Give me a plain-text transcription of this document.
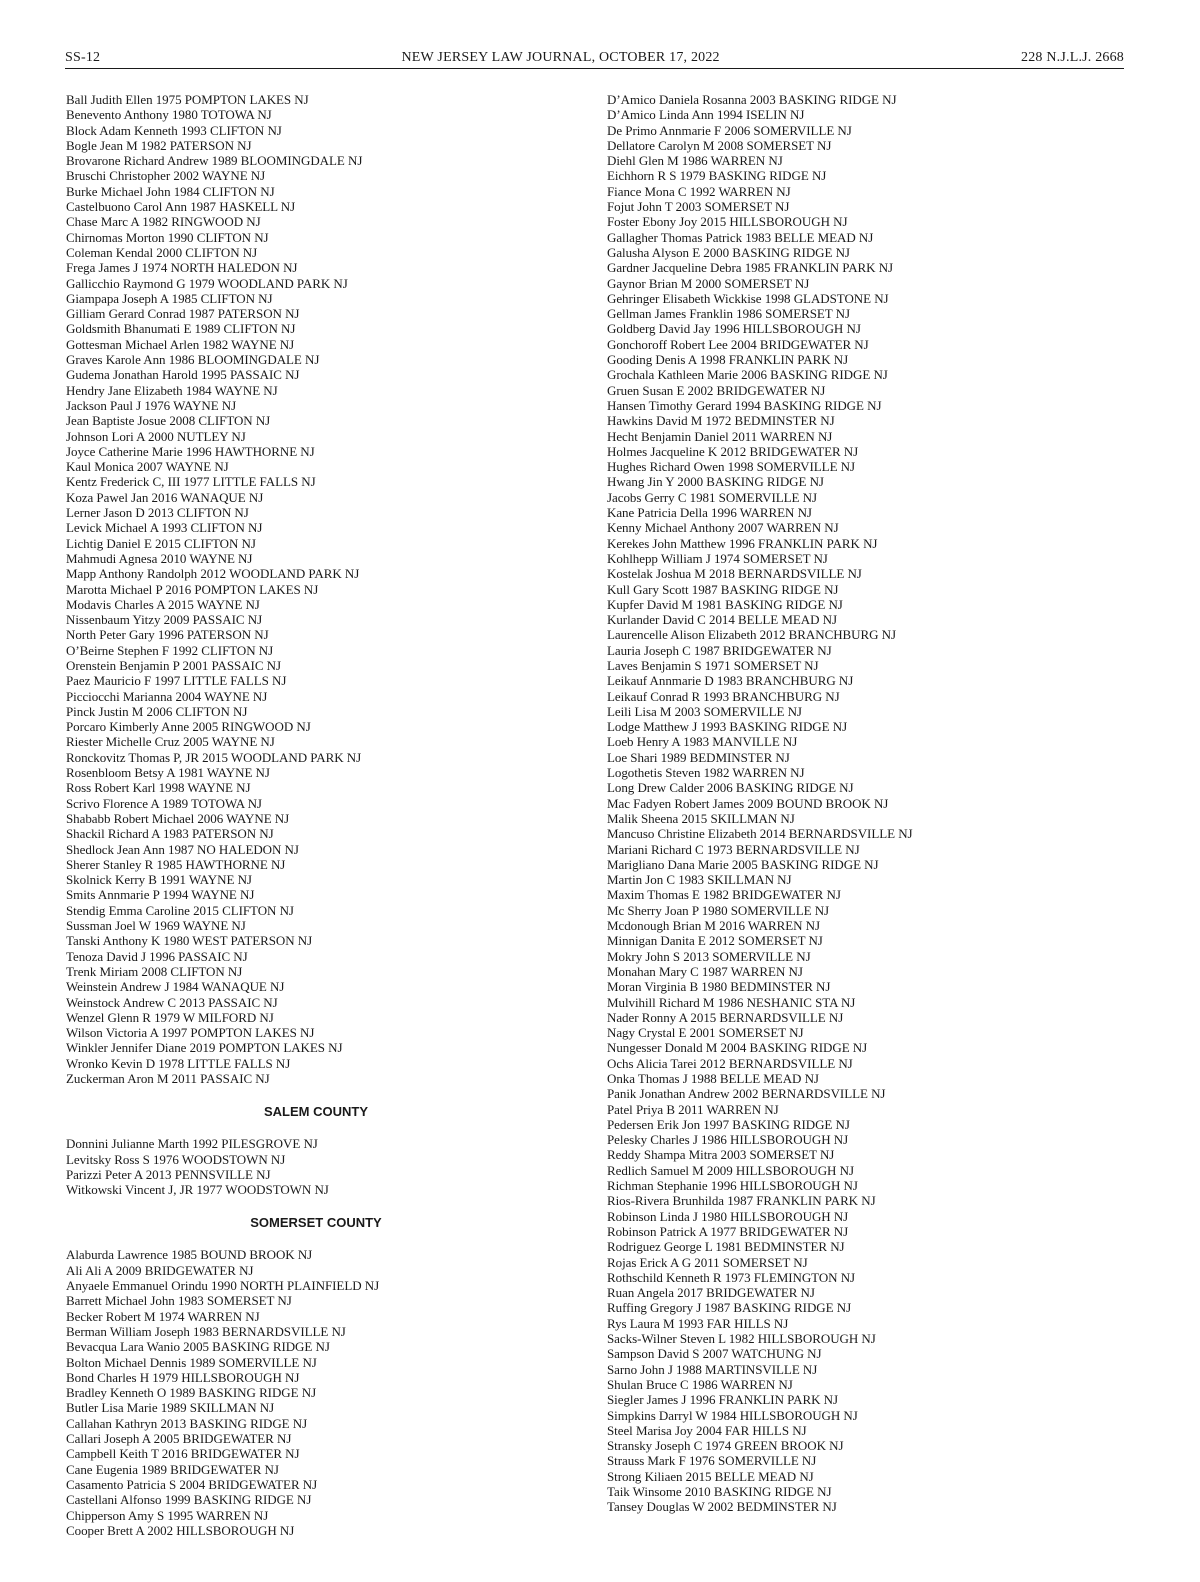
SS-12	NEW JERSEY LAW JOURNAL, OCTOBER 17, 2022	228 N.J.L.J. 2668
Ball Judith Ellen 1975 POMPTON LAKES NJ
Benevento Anthony 1980 TOTOWA NJ
Block Adam Kenneth 1993 CLIFTON NJ
Bogle Jean M 1982 PATERSON NJ
Brovarone Richard Andrew 1989 BLOOMINGDALE NJ
Bruschi Christopher 2002 WAYNE NJ
Burke Michael John 1984 CLIFTON NJ
Castelbuono Carol Ann 1987 HASKELL NJ
Chase Marc A 1982 RINGWOOD NJ
Chirnomas Morton 1990 CLIFTON NJ
Coleman Kendal 2000 CLIFTON NJ
Frega James J 1974 NORTH HALEDON NJ
Gallicchio Raymond G 1979 WOODLAND PARK NJ
Giampapa Joseph A 1985 CLIFTON NJ
Gilliam Gerard Conrad 1987 PATERSON NJ
Goldsmith Bhanumati E 1989 CLIFTON NJ
Gottesman Michael Arlen 1982 WAYNE NJ
Graves Karole Ann 1986 BLOOMINGDALE NJ
Gudema Jonathan Harold 1995 PASSAIC NJ
Hendry Jane Elizabeth 1984 WAYNE NJ
Jackson Paul J 1976 WAYNE NJ
Jean Baptiste Josue 2008 CLIFTON NJ
Johnson Lori A 2000 NUTLEY NJ
Joyce Catherine Marie 1996 HAWTHORNE NJ
Kaul Monica 2007 WAYNE NJ
Kentz Frederick C, III 1977 LITTLE FALLS NJ
Koza Pawel Jan 2016 WANAQUE NJ
Lerner Jason D 2013 CLIFTON NJ
Levick Michael A 1993 CLIFTON NJ
Lichtig Daniel E 2015 CLIFTON NJ
Mahmudi Agnesa 2010 WAYNE NJ
Mapp Anthony Randolph 2012 WOODLAND PARK NJ
Marotta Michael P 2016 POMPTON LAKES NJ
Modavis Charles A 2015 WAYNE NJ
Nissenbaum Yitzy 2009 PASSAIC NJ
North Peter Gary 1996 PATERSON NJ
O’Beirne Stephen F 1992 CLIFTON NJ
Orenstein Benjamin P 2001 PASSAIC NJ
Paez Mauricio F 1997 LITTLE FALLS NJ
Picciocchi Marianna 2004 WAYNE NJ
Pinck Justin M 2006 CLIFTON NJ
Porcaro Kimberly Anne 2005 RINGWOOD NJ
Riester Michelle Cruz 2005 WAYNE NJ
Ronckovitz Thomas P, JR 2015 WOODLAND PARK NJ
Rosenbloom Betsy A 1981 WAYNE NJ
Ross Robert Karl 1998 WAYNE NJ
Scrivo Florence A 1989 TOTOWA NJ
Shababb Robert Michael 2006 WAYNE NJ
Shackil Richard A 1983 PATERSON NJ
Shedlock Jean Ann 1987 NO HALEDON NJ
Sherer Stanley R 1985 HAWTHORNE NJ
Skolnick Kerry B 1991 WAYNE NJ
Smits Annmarie P 1994 WAYNE NJ
Stendig Emma Caroline 2015 CLIFTON NJ
Sussman Joel W 1969 WAYNE NJ
Tanski Anthony K 1980 WEST PATERSON NJ
Tenoza David J 1996 PASSAIC NJ
Trenk Miriam 2008 CLIFTON NJ
Weinstein Andrew J 1984 WANAQUE NJ
Weinstock Andrew C 2013 PASSAIC NJ
Wenzel Glenn R 1979 W MILFORD NJ
Wilson Victoria A 1997 POMPTON LAKES NJ
Winkler Jennifer Diane 2019 POMPTON LAKES NJ
Wronko Kevin D 1978 LITTLE FALLS NJ
Zuckerman Aron M 2011 PASSAIC NJ
SALEM COUNTY
Donnini Julianne Marth 1992 PILESGROVE NJ
Levitsky Ross S 1976 WOODSTOWN NJ
Parizzi Peter A 2013 PENNSVILLE NJ
Witkowski Vincent J, JR 1977 WOODSTOWN NJ
SOMERSET COUNTY
Alaburda Lawrence 1985 BOUND BROOK NJ
Ali Ali A 2009 BRIDGEWATER NJ
Anyaele Emmanuel Orindu 1990 NORTH PLAINFIELD NJ
Barrett Michael John 1983 SOMERSET NJ
Becker Robert M 1974 WARREN NJ
Berman William Joseph 1983 BERNARDSVILLE NJ
Bevacqua Lara Wanio 2005 BASKING RIDGE NJ
Bolton Michael Dennis 1989 SOMERVILLE NJ
Bond Charles H 1979 HILLSBOROUGH NJ
Bradley Kenneth O 1989 BASKING RIDGE NJ
Butler Lisa Marie 1989 SKILLMAN NJ
Callahan Kathryn 2013 BASKING RIDGE NJ
Callari Joseph A 2005 BRIDGEWATER NJ
Campbell Keith T 2016 BRIDGEWATER NJ
Cane Eugenia 1989 BRIDGEWATER NJ
Casamento Patricia S 2004 BRIDGEWATER NJ
Castellani Alfonso 1999 BASKING RIDGE NJ
Chipperson Amy S 1995 WARREN NJ
Cooper Brett A 2002 HILLSBOROUGH NJ
D’Amico Daniela Rosanna 2003 BASKING RIDGE NJ
D’Amico Linda Ann 1994 ISELIN NJ
De Primo Annmarie F 2006 SOMERVILLE NJ
Dellatore Carolyn M 2008 SOMERSET NJ
Diehl Glen M 1986 WARREN NJ
Eichhorn R S 1979 BASKING RIDGE NJ
Fiance Mona C 1992 WARREN NJ
Fojut John T 2003 SOMERSET NJ
Foster Ebony Joy 2015 HILLSBOROUGH NJ
Gallagher Thomas Patrick 1983 BELLE MEAD NJ
Galusha Alyson E 2000 BASKING RIDGE NJ
Gardner Jacqueline Debra 1985 FRANKLIN PARK NJ
Gaynor Brian M 2000 SOMERSET NJ
Gehringer Elisabeth Wickkise 1998 GLADSTONE NJ
Gellman James Franklin 1986 SOMERSET NJ
Goldberg David Jay 1996 HILLSBOROUGH NJ
Gonchoroff Robert Lee 2004 BRIDGEWATER NJ
Gooding Denis A 1998 FRANKLIN PARK NJ
Grochala Kathleen Marie 2006 BASKING RIDGE NJ
Gruen Susan E 2002 BRIDGEWATER NJ
Hansen Timothy Gerard 1994 BASKING RIDGE NJ
Hawkins David M 1972 BEDMINSTER NJ
Hecht Benjamin Daniel 2011 WARREN NJ
Holmes Jacqueline K 2012 BRIDGEWATER NJ
Hughes Richard Owen 1998 SOMERVILLE NJ
Hwang Jin Y 2000 BASKING RIDGE NJ
Jacobs Gerry C 1981 SOMERVILLE NJ
Kane Patricia Della 1996 WARREN NJ
Kenny Michael Anthony 2007 WARREN NJ
Kerekes John Matthew 1996 FRANKLIN PARK NJ
Kohlhepp William J 1974 SOMERSET NJ
Kostelak Joshua M 2018 BERNARDSVILLE NJ
Kull Gary Scott 1987 BASKING RIDGE NJ
Kupfer David M 1981 BASKING RIDGE NJ
Kurlander David C 2014 BELLE MEAD NJ
Laurencelle Alison Elizabeth 2012 BRANCHBURG NJ
Lauria Joseph C 1987 BRIDGEWATER NJ
Laves Benjamin S 1971 SOMERSET NJ
Leikauf Annmarie D 1983 BRANCHBURG NJ
Leikauf Conrad R 1993 BRANCHBURG NJ
Leili Lisa M 2003 SOMERVILLE NJ
Lodge Matthew J 1993 BASKING RIDGE NJ
Loeb Henry A 1983 MANVILLE NJ
Loe Shari 1989 BEDMINSTER NJ
Logothetis Steven 1982 WARREN NJ
Long Drew Calder 2006 BASKING RIDGE NJ
Mac Fadyen Robert James 2009 BOUND BROOK NJ
Malik Sheena 2015 SKILLMAN NJ
Mancuso Christine Elizabeth 2014 BERNARDSVILLE NJ
Mariani Richard C 1973 BERNARDSVILLE NJ
Marigliano Dana Marie 2005 BASKING RIDGE NJ
Martin Jon C 1983 SKILLMAN NJ
Maxim Thomas E 1982 BRIDGEWATER NJ
Mc Sherry Joan P 1980 SOMERVILLE NJ
Mcdonough Brian M 2016 WARREN NJ
Minnigan Danita E 2012 SOMERSET NJ
Mokry John S 2013 SOMERVILLE NJ
Monahan Mary C 1987 WARREN NJ
Moran Virginia B 1980 BEDMINSTER NJ
Mulvihill Richard M 1986 NESHANIC STA NJ
Nader Ronny A 2015 BERNARDSVILLE NJ
Nagy Crystal E 2001 SOMERSET NJ
Nungesser Donald M 2004 BASKING RIDGE NJ
Ochs Alicia Tarei 2012 BERNARDSVILLE NJ
Onka Thomas J 1988 BELLE MEAD NJ
Panik Jonathan Andrew 2002 BERNARDSVILLE NJ
Patel Priya B 2011 WARREN NJ
Pedersen Erik Jon 1997 BASKING RIDGE NJ
Pelesky Charles J 1986 HILLSBOROUGH NJ
Reddy Shampa Mitra 2003 SOMERSET NJ
Redlich Samuel M 2009 HILLSBOROUGH NJ
Richman Stephanie 1996 HILLSBOROUGH NJ
Rios-Rivera Brunhilda 1987 FRANKLIN PARK NJ
Robinson Linda J 1980 HILLSBOROUGH NJ
Robinson Patrick A 1977 BRIDGEWATER NJ
Rodriguez George L 1981 BEDMINSTER NJ
Rojas Erick A G 2011 SOMERSET NJ
Rothschild Kenneth R 1973 FLEMINGTON NJ
Ruan Angela 2017 BRIDGEWATER NJ
Ruffing Gregory J 1987 BASKING RIDGE NJ
Rys Laura M 1993 FAR HILLS NJ
Sacks-Wilner Steven L 1982 HILLSBOROUGH NJ
Sampson David S 2007 WATCHUNG NJ
Sarno John J 1988 MARTINSVILLE NJ
Shulan Bruce C 1986 WARREN NJ
Siegler James J 1996 FRANKLIN PARK NJ
Simpkins Darryl W 1984 HILLSBOROUGH NJ
Steel Marisa Joy 2004 FAR HILLS NJ
Stransky Joseph C 1974 GREEN BROOK NJ
Strauss Mark F 1976 SOMERVILLE NJ
Strong Kiliaen 2015 BELLE MEAD NJ
Taik Winsome 2010 BASKING RIDGE NJ
Tansey Douglas W 2002 BEDMINSTER NJ
